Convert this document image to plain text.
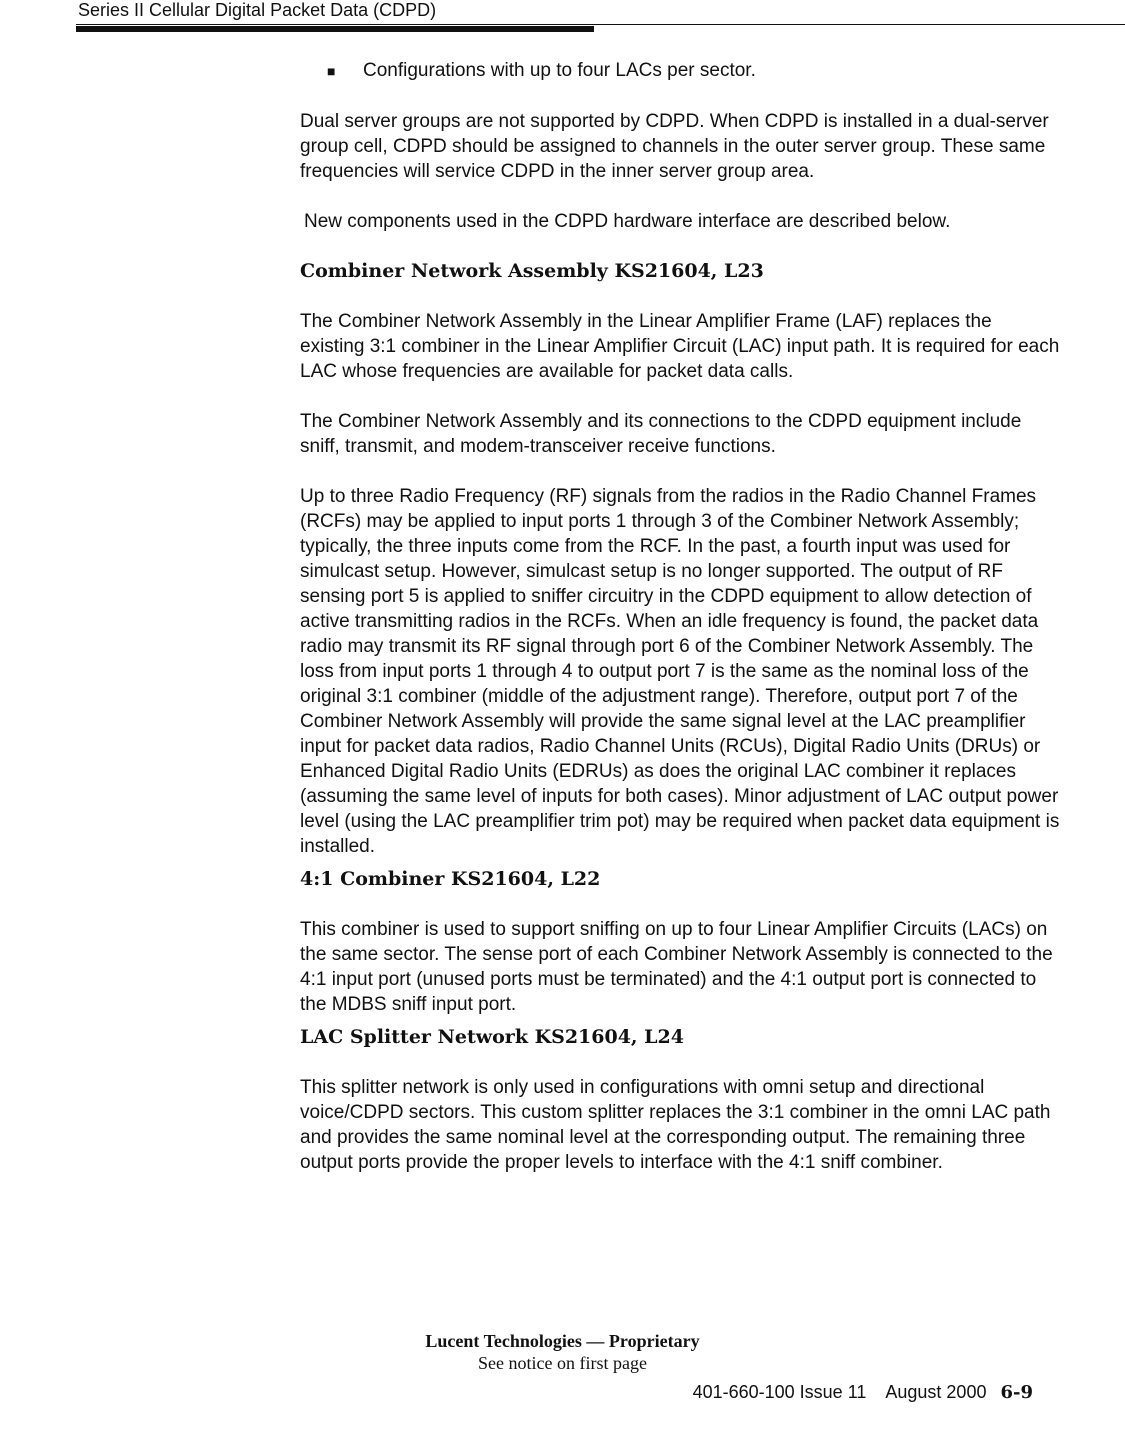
Series II Cellular Digital Packet Data (CDPD)
■	Configurations with up to four LACs per sector.

Dual server groups are not supported by CDPD. When CDPD is installed in a dual-server group cell, CDPD should be assigned to channels in the outer server group. These same frequencies will service CDPD in the inner server group area.

New components used in the CDPD hardware interface are described below.

Combiner Network Assembly KS21604, L23

The Combiner Network Assembly in the Linear Amplifier Frame (LAF) replaces the existing 3:1 combiner in the Linear Amplifier Circuit (LAC) input path. It is required for each LAC whose frequencies are available for packet data calls.

The Combiner Network Assembly and its connections to the CDPD equipment include sniff, transmit, and modem-transceiver receive functions.

Up to three Radio Frequency (RF) signals from the radios in the Radio Channel Frames (RCFs) may be applied to input ports 1 through 3 of the Combiner Network Assembly; typically, the three inputs come from the RCF. In the past, a fourth input was used for simulcast setup. However, simulcast setup is no longer supported. The output of RF sensing port 5 is applied to sniffer circuitry in the CDPD equipment to allow detection of active transmitting radios in the RCFs. When an idle frequency is found, the packet data radio may transmit its RF signal through port 6 of the Combiner Network Assembly. The loss from input ports 1 through 4 to output port 7 is the same as the nominal loss of the original 3:1 combiner (middle of the adjustment range). Therefore, output port 7 of the Combiner Network Assembly will provide the same signal level at the LAC preamplifier input for packet data radios, Radio Channel Units (RCUs), Digital Radio Units (DRUs) or Enhanced Digital Radio Units (EDRUs) as does the original LAC combiner it replaces (assuming the same level of inputs for both cases). Minor adjustment of LAC output power level (using the LAC preamplifier trim pot) may be required when packet data equipment is installed.

4:1 Combiner KS21604, L22

This combiner is used to support sniffing on up to four Linear Amplifier Circuits (LACs) on the same sector. The sense port of each Combiner Network Assembly is connected to the 4:1 input port (unused ports must be terminated) and the 4:1 output port is connected to the MDBS sniff input port.

LAC Splitter Network KS21604, L24

This splitter network is only used in configurations with omni setup and directional voice/CDPD sectors. This custom splitter replaces the 3:1 combiner in the omni LAC path and provides the same nominal level at the corresponding output. The remaining three output ports provide the proper levels to interface with the 4:1 sniff combiner.

Lucent Technologies — Proprietary
See notice on first page
401-660-100 Issue 11    August 2000 6-9
